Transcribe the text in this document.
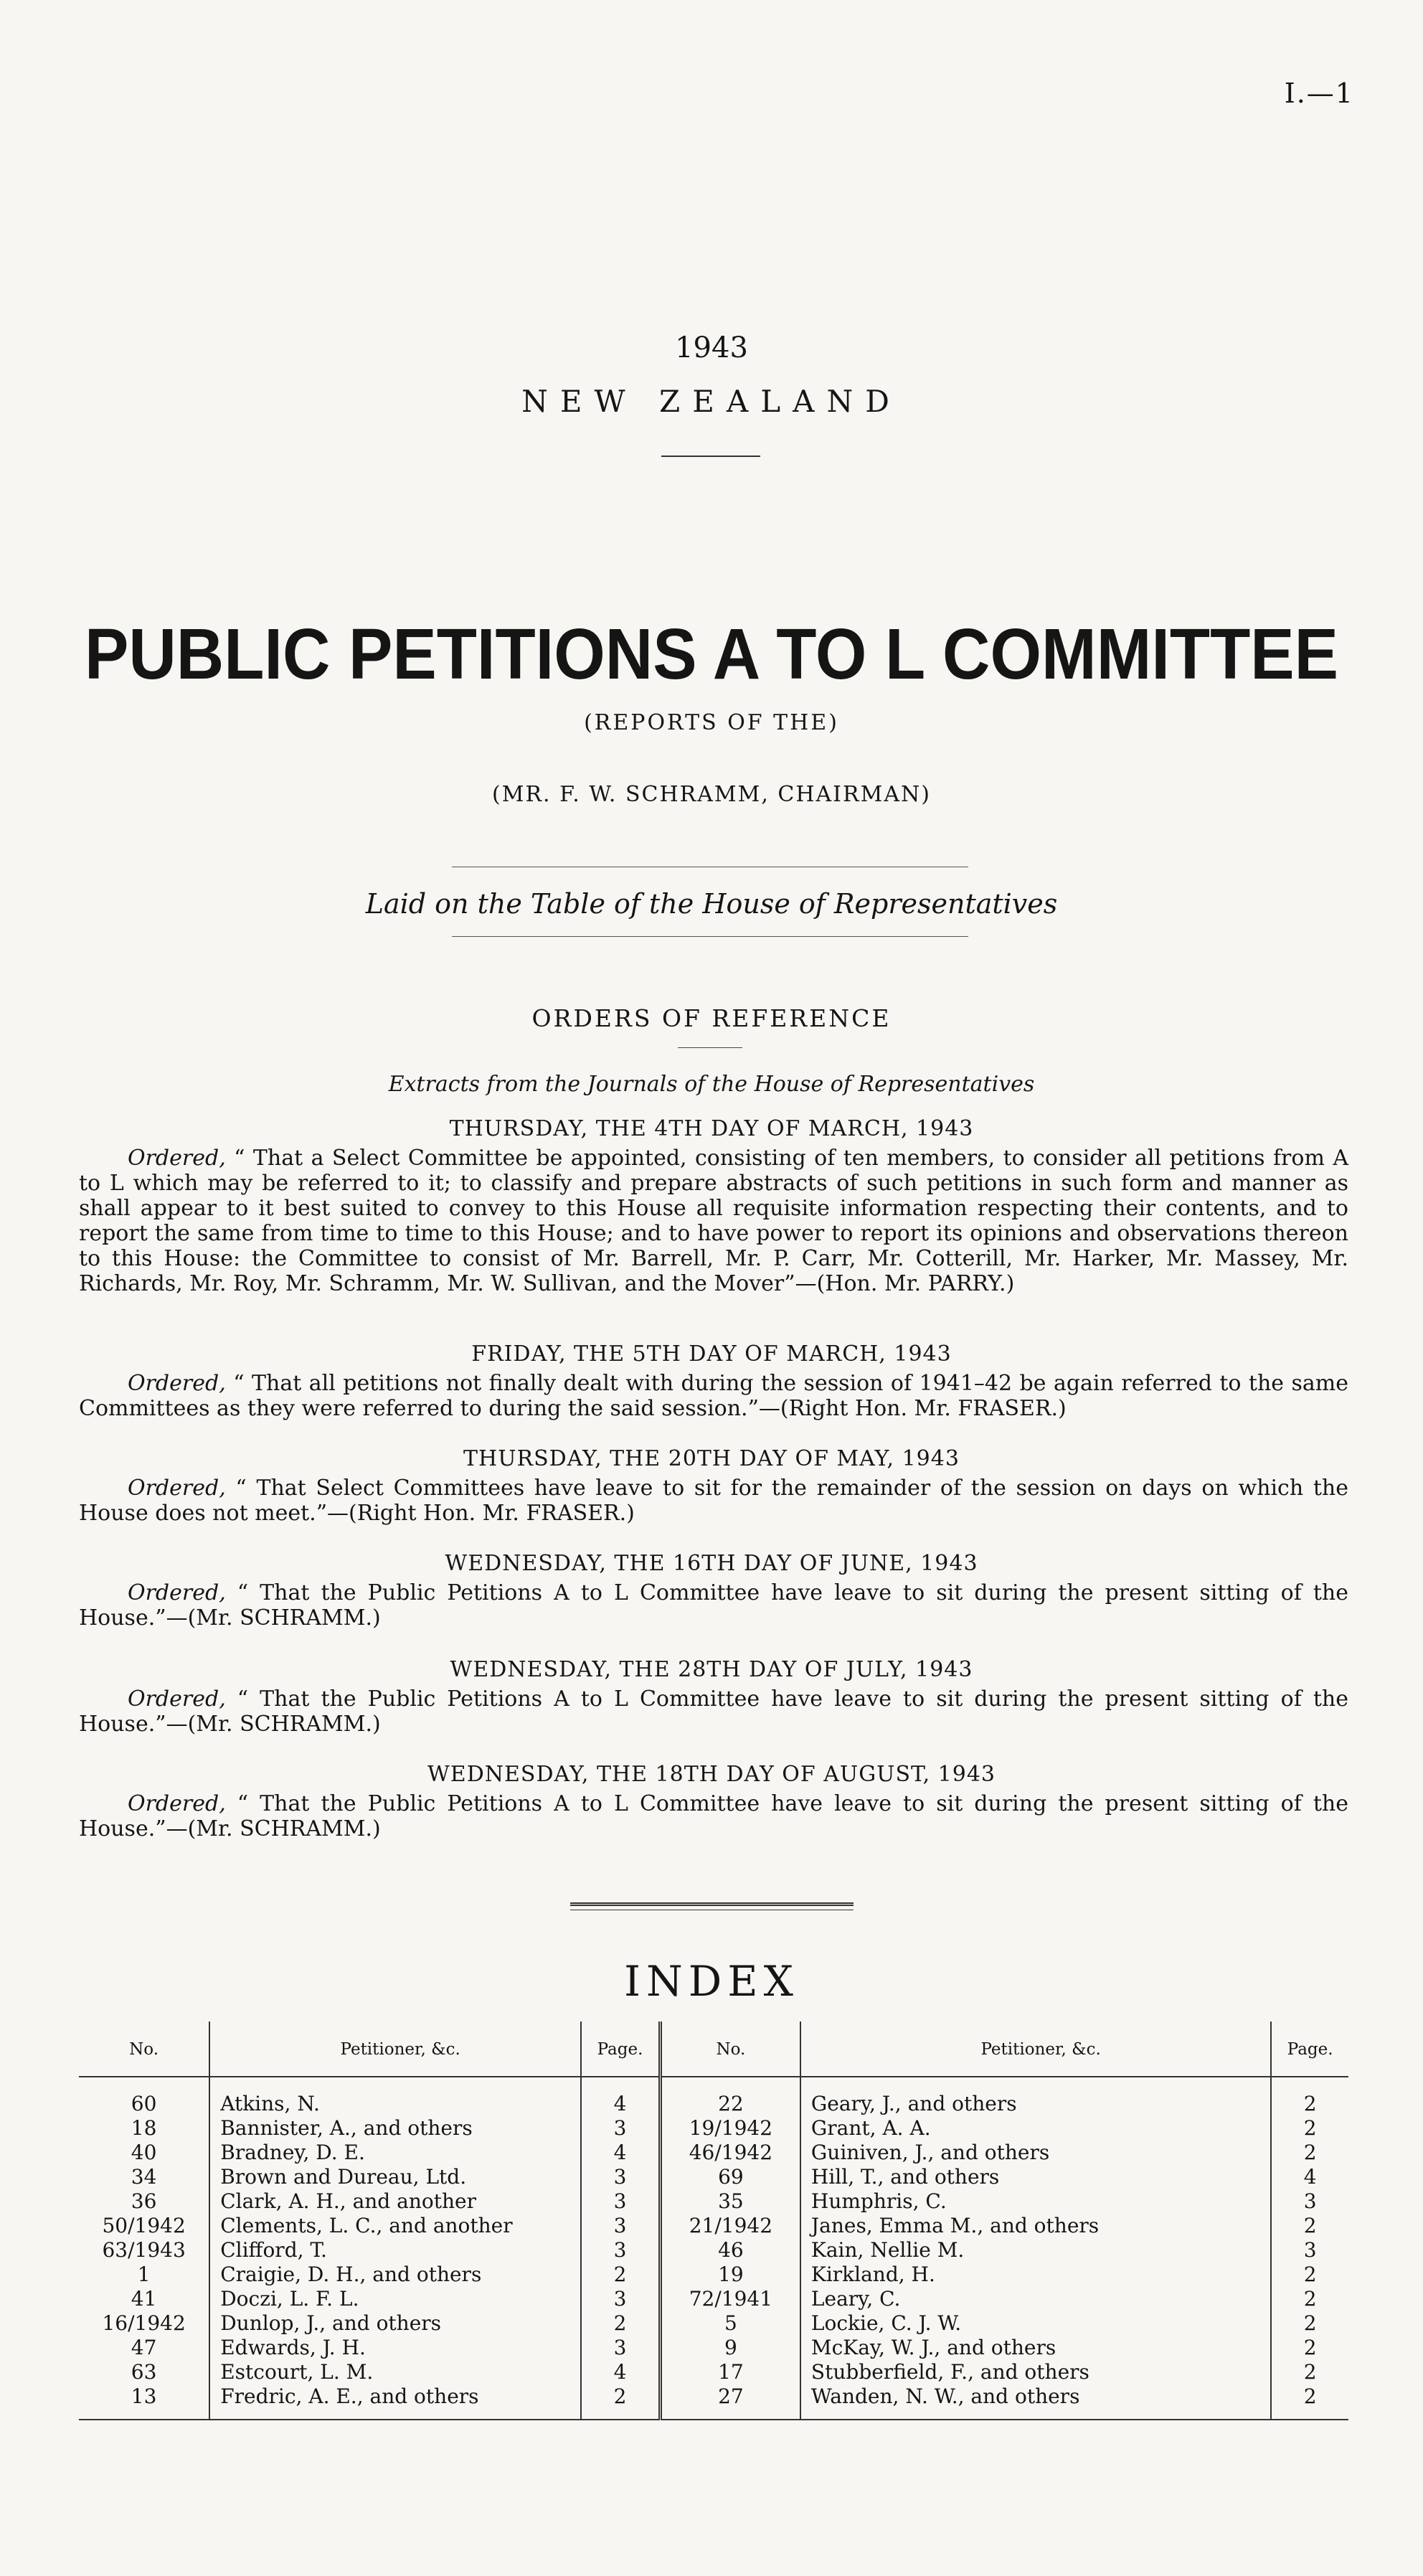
I.—1
1943
NEW ZEALAND
PUBLIC PETITIONS A TO L COMMITTEE
(REPORTS OF THE)
(MR. F. W. SCHRAMM, CHAIRMAN)
Laid on the Table of the House of Representatives
ORDERS OF REFERENCE
Extracts from the Journals of the House of Representatives
THURSDAY, THE 4TH DAY OF MARCH, 1943
Ordered, “ That a Select Committee be appointed, consisting of ten members, to consider all petitions from A to L which may be referred to it; to classify and prepare abstracts of such petitions in such form and manner as shall appear to it best suited to convey to this House all requisite information respecting their contents, and to report the same from time to time to this House; and to have power to report its opinions and observations thereon to this House: the Committee to consist of Mr. Barrell, Mr. P. Carr, Mr. Cotterill, Mr. Harker, Mr. Massey, Mr. Richards, Mr. Roy, Mr. Schramm, Mr. W. Sullivan, and the Mover”—(Hon. Mr. PARRY.)
FRIDAY, THE 5TH DAY OF MARCH, 1943
Ordered, “ That all petitions not finally dealt with during the session of 1941–42 be again referred to the same Committees as they were referred to during the said session.”—(Right Hon. Mr. FRASER.)
THURSDAY, THE 20TH DAY OF MAY, 1943
Ordered, “ That Select Committees have leave to sit for the remainder of the session on days on which the House does not meet.”—(Right Hon. Mr. FRASER.)
WEDNESDAY, THE 16TH DAY OF JUNE, 1943
Ordered, “ That the Public Petitions A to L Committee have leave to sit during the present sitting of the House.”—(Mr. SCHRAMM.)
WEDNESDAY, THE 28TH DAY OF JULY, 1943
Ordered, “ That the Public Petitions A to L Committee have leave to sit during the present sitting of the House.”—(Mr. SCHRAMM.)
WEDNESDAY, THE 18TH DAY OF AUGUST, 1943
Ordered, “ That the Public Petitions A to L Committee have leave to sit during the present sitting of the House.”—(Mr. SCHRAMM.)
INDEX
No.	Petitioner, &c.	Page.	No.	Petitioner, &c.	Page.
60	Atkins, N.	4	22	Geary, J., and others	2
18	Bannister, A., and others	3	19/1942	Grant, A. A.	2
40	Bradney, D. E.	4	46/1942	Guiniven, J., and others	2
34	Brown and Dureau, Ltd.	3	69	Hill, T., and others	4
36	Clark, A. H., and another	3	35	Humphris, C.	3
50/1942	Clements, L. C., and another	3	21/1942	Janes, Emma M., and others	2
63/1943	Clifford, T.	3	46	Kain, Nellie M.	3
1	Craigie, D. H., and others	2	19	Kirkland, H.	2
41	Doczi, L. F. L.	3	72/1941	Leary, C.	2
16/1942	Dunlop, J., and others	2	5	Lockie, C. J. W.	2
47	Edwards, J. H.	3	9	McKay, W. J., and others	2
63	Estcourt, L. M.	4	17	Stubberfield, F., and others	2
13	Fredric, A. E., and others	2	27	Wanden, N. W., and others	2
